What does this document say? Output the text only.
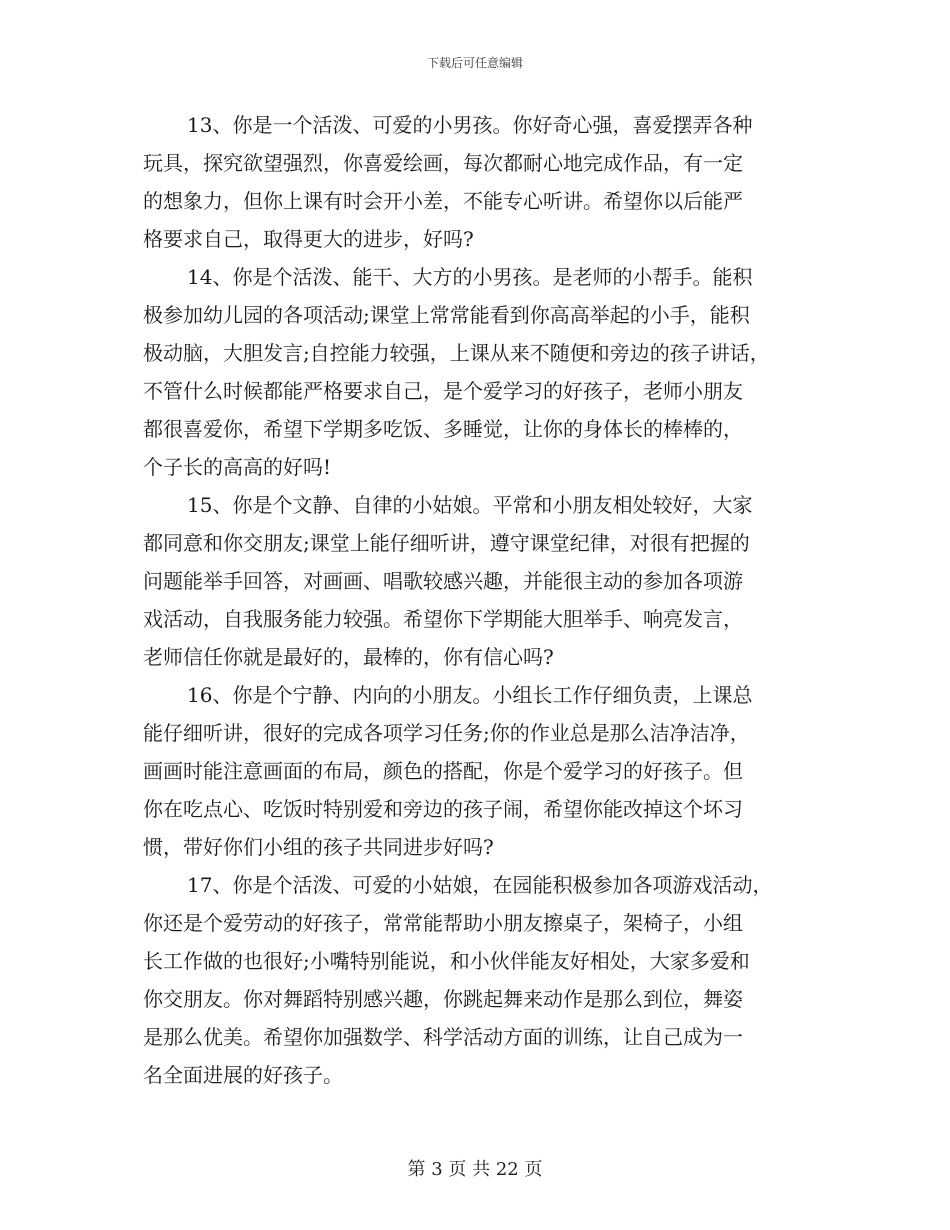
下载后可任意编辑
13、你是一个活泼、可爱的小男孩。你好奇心强，喜爱摆弄各种
玩具，探究欲望强烈，你喜爱绘画，每次都耐心地完成作品，有一定
的想象力，但你上课有时会开小差，不能专心听讲。希望你以后能严
格要求自己，取得更大的进步，好吗?
14、你是个活泼、能干、大方的小男孩。是老师的小帮手。能积
极参加幼儿园的各项活动;课堂上常常能看到你高高举起的小手，能积
极动脑，大胆发言;自控能力较强，上课从来不随便和旁边的孩子讲话，
不管什么时候都能严格要求自己，是个爱学习的好孩子，老师小朋友
都很喜爱你，希望下学期多吃饭、多睡觉，让你的身体长的棒棒的，
个子长的高高的好吗!
15、你是个文静、自律的小姑娘。平常和小朋友相处较好，大家
都同意和你交朋友;课堂上能仔细听讲，遵守课堂纪律，对很有把握的
问题能举手回答，对画画、唱歌较感兴趣，并能很主动的参加各项游
戏活动，自我服务能力较强。希望你下学期能大胆举手、响亮发言，
老师信任你就是最好的，最棒的，你有信心吗?
16、你是个宁静、内向的小朋友。小组长工作仔细负责，上课总
能仔细听讲，很好的完成各项学习任务;你的作业总是那么洁净洁净，
画画时能注意画面的布局，颜色的搭配，你是个爱学习的好孩子。但
你在吃点心、吃饭时特别爱和旁边的孩子闹，希望你能改掉这个坏习
惯，带好你们小组的孩子共同进步好吗?
17、你是个活泼、可爱的小姑娘，在园能积极参加各项游戏活动，
你还是个爱劳动的好孩子，常常能帮助小朋友擦桌子，架椅子，小组
长工作做的也很好;小嘴特别能说，和小伙伴能友好相处，大家多爱和
你交朋友。你对舞蹈特别感兴趣，你跳起舞来动作是那么到位，舞姿
是那么优美。希望你加强数学、科学活动方面的训练，让自己成为一
名全面进展的好孩子。
第 3 页 共 22 页
